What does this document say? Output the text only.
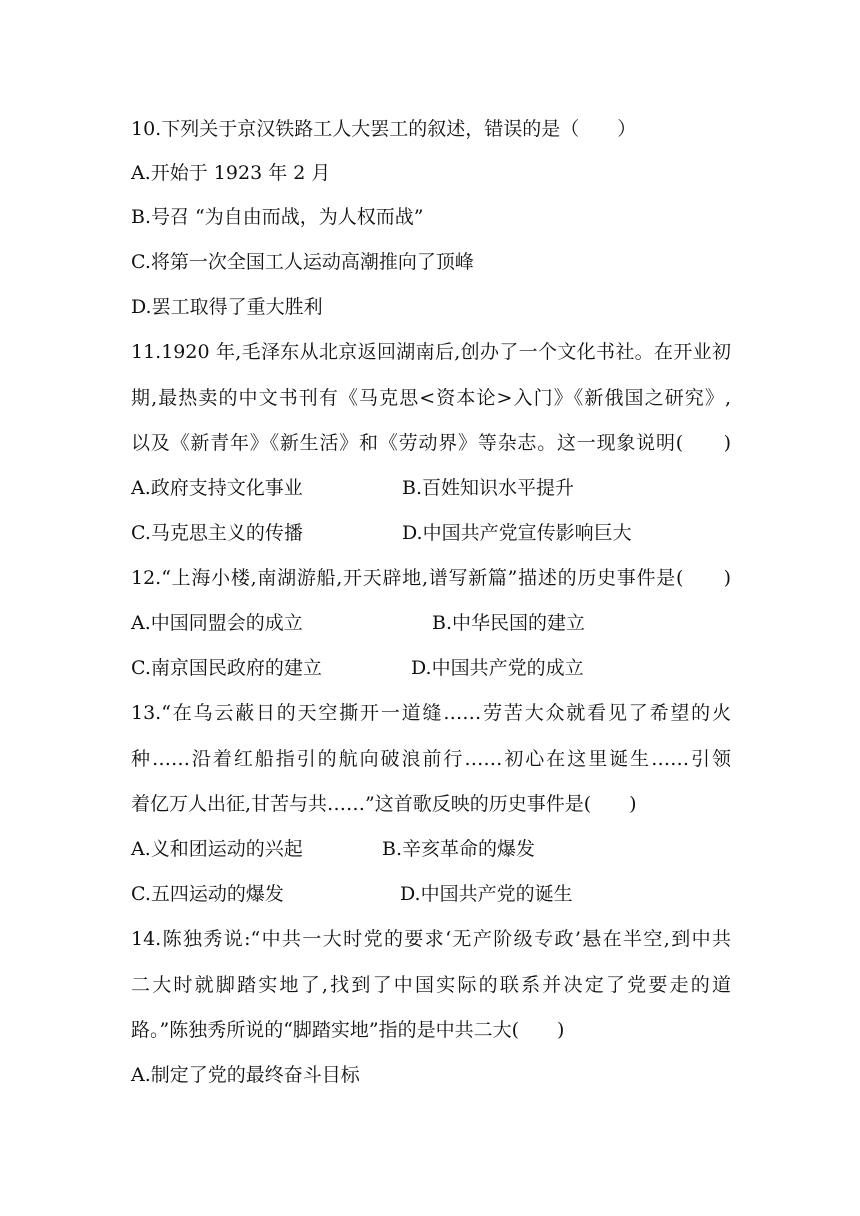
10.下列关于京汉铁路工人大罢工的叙述，错误的是（　　）
A.开始于 1923 年 2 月
B.号召 “为自由而战，为人权而战”
C.将第一次全国工人运动高潮推向了顶峰
D.罢工取得了重大胜利
11.1920 年,毛泽东从北京返回湖南后,创办了一个文化书社。在开业初
期,最热卖的中文书刊有《马克思<资本论>入门》《新俄国之研究》,
以及《新青年》《新生活》和《劳动界》等杂志。这一现象说明(　　)
A.政府支持文化事业	B.百姓知识水平提升
C.马克思主义的传播	D.中国共产党宣传影响巨大
12.“上海小楼,南湖游船,开天辟地,谱写新篇”描述的历史事件是(　　)
A.中国同盟会的成立	B.中华民国的建立
C.南京国民政府的建立	D.中国共产党的成立
13.“在乌云蔽日的天空撕开一道缝……劳苦大众就看见了希望的火
种……沿着红船指引的航向破浪前行……初心在这里诞生……引领
着亿万人出征,甘苦与共……”这首歌反映的历史事件是(　　)
A.义和团运动的兴起	B.辛亥革命的爆发
C.五四运动的爆发	D.中国共产党的诞生
14.陈独秀说:“中共一大时党的要求‘无产阶级专政’悬在半空,到中共
二大时就脚踏实地了,找到了中国实际的联系并决定了党要走的道
路。”陈独秀所说的“脚踏实地”指的是中共二大(　　)
A.制定了党的最终奋斗目标
